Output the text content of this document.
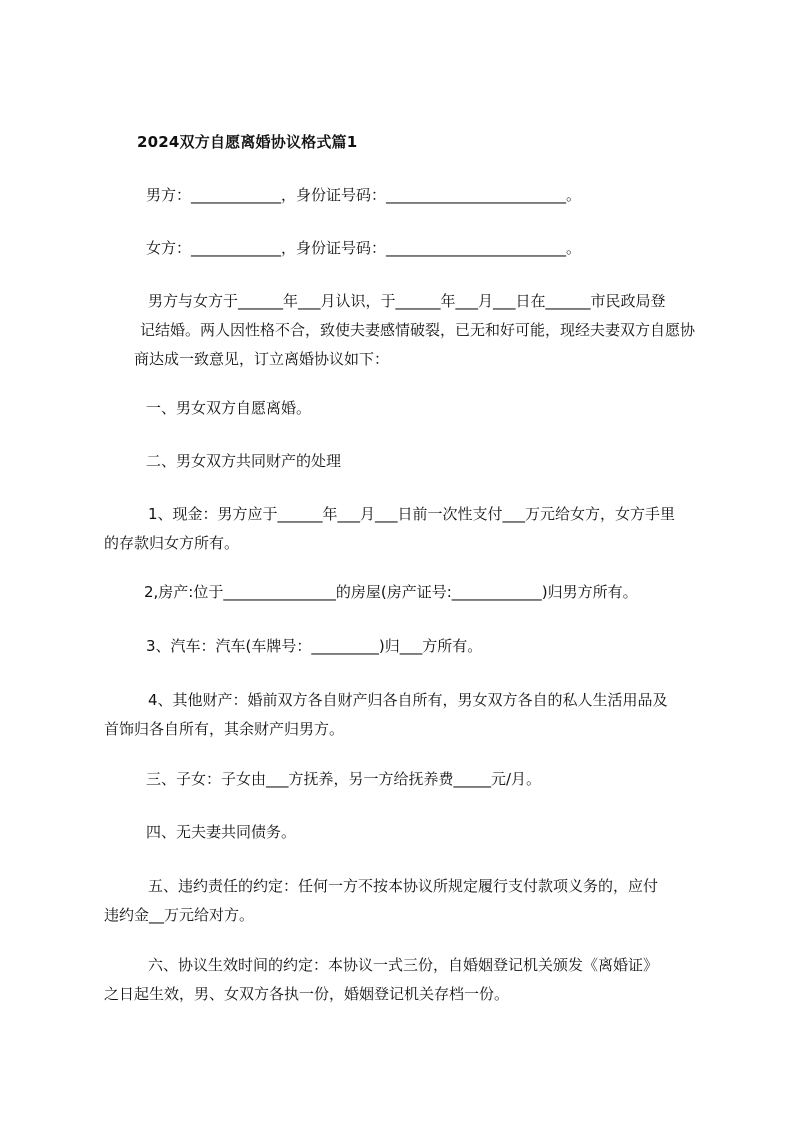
2024双方自愿离婚协议格式篇1
男方：____________，身份证号码：________________________。
女方：____________，身份证号码：________________________。
男方与女方于______年___月认识，于______年___月___日在______市民政局登
记结婚。两人因性格不合，致使夫妻感情破裂，已无和好可能，现经夫妻双方自愿协
商达成一致意见，订立离婚协议如下：
一、男女双方自愿离婚。
二、男女双方共同财产的处理
1、现金：男方应于______年___月___日前一次性支付___万元给女方，女方手里
的存款归女方所有。
2,房产:位于_______________的房屋(房产证号:____________)归男方所有。
3、汽车：汽车(车牌号：_________)归___方所有。
4、其他财产：婚前双方各自财产归各自所有，男女双方各自的私人生活用品及
首饰归各自所有，其余财产归男方。
三、子女：子女由___方抚养，另一方给抚养费_____元/月。
四、无夫妻共同债务。
五、违约责任的约定：任何一方不按本协议所规定履行支付款项义务的，应付
违约金__万元给对方。
六、协议生效时间的约定：本协议一式三份，自婚姻登记机关颁发《离婚证》
之日起生效，男、女双方各执一份，婚姻登记机关存档一份。
